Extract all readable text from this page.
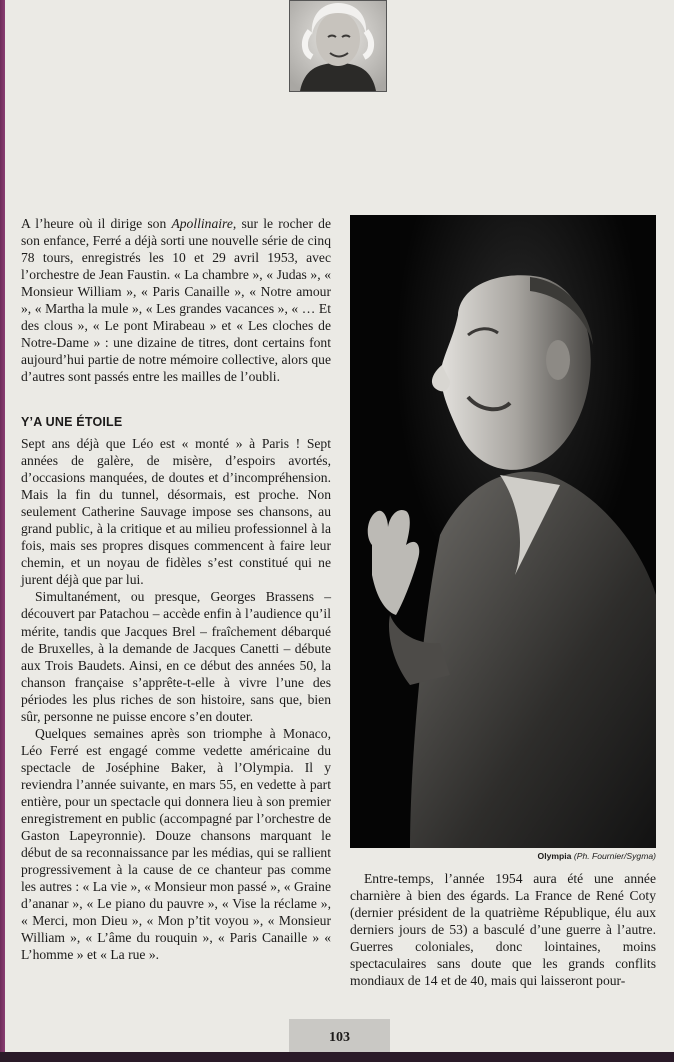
A l’heure où il dirige son Apollinaire, sur le rocher de son enfance, Ferré a déjà sorti une nouvelle série de cinq 78 tours, enregistrés les 10 et 29 avril 1953, avec l’orchestre de Jean Faustin. « La chambre », « Judas », « Monsieur William », « Paris Canaille », « Notre amour », « Martha la mule », « Les grandes vacances », « … Et des clous », « Le pont Mirabeau » et « Les cloches de Notre-Dame » : une dizaine de titres, dont certains font aujourd’hui partie de notre mémoire collective, alors que d’autres sont passés entre les mailles de l’oubli.

Y’A UNE ÉTOILE

Sept ans déjà que Léo est « monté » à Paris ! Sept années de galère, de misère, d’espoirs avortés, d’occasions manquées, de doutes et d’incompréhension. Mais la fin du tunnel, désormais, est proche. Non seulement Catherine Sauvage impose ses chansons, au grand public, à la critique et au milieu professionnel à la fois, mais ses propres disques commencent à faire leur chemin, et un noyau de fidèles s’est constitué qui ne jurent déjà que par lui.

Simultanément, ou presque, Georges Brassens – découvert par Patachou – accède enfin à l’audience qu’il mérite, tandis que Jacques Brel – fraîchement débarqué de Bruxelles, à la demande de Jacques Canetti – débute aux Trois Baudets. Ainsi, en ce début des années 50, la chanson française s’apprête-t-elle à vivre l’une des périodes les plus riches de son histoire, sans que, bien sûr, personne ne puisse encore s’en douter.

Quelques semaines après son triomphe à Monaco, Léo Ferré est engagé comme vedette américaine du spectacle de Joséphine Baker, à l’Olympia. Il y reviendra l’année suivante, en mars 55, en vedette à part entière, pour un spectacle qui donnera lieu à son premier enregistrement en public (accompagné par l’orchestre de Gaston Lapeyronnie). Douze chansons marquant le début de sa reconnaissance par les médias, qui se rallient progressivement à la cause de ce chanteur pas comme les autres : « La vie », « Monsieur mon passé », « Graine d’ananar », « Le piano du pauvre », « Vise la réclame », « Merci, mon Dieu », « Mon p’tit voyou », « Monsieur William », « L’âme du rouquin », « Paris Canaille » « L’homme » et « La rue ».

Olympia (Ph. Fournier/Sygma)

Entre-temps, l’année 1954 aura été une année charnière à bien des égards. La France de René Coty (dernier président de la quatrième République, élu aux derniers jours de 53) a basculé d’une guerre à l’autre. Guerres coloniales, donc lointaines, moins spectaculaires sans doute que les grands conflits mondiaux de 14 et de 40, mais qui laisseront pour-

103
